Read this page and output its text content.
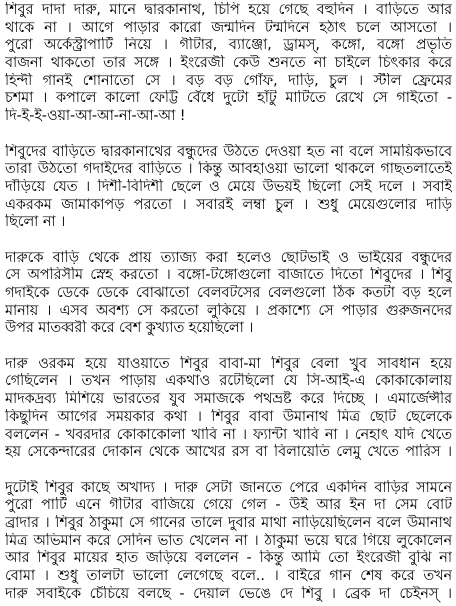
শিবুর দাদা দারু, মানে দ্বারকানাথ, চিপি হয়ে গেছে বহুদিন । বাড়িতে আর
থাকে না । আগে পাড়ার কারো জন্মদিন টন্মদিনে হঠাৎ চলে আসতো ।
পুরো অর্কেস্ট্রাপার্টি নিয়ে । গীটার, ব্যাঞ্জো, ড্রামস্, কঙ্গো, বঙ্গো প্রভৃতি
বাজনা থাকতো তার সঙ্গে । ইংরেজী কেউ শুনতে না চাইলে চিৎকার করে
হিন্দী গানই শোনাতো সে । বড় বড় গোঁফ, দাড়ি, চুল । স্টীল ফ্রেমের
চশমা । কপালে কালো ফেট্টি বেঁধে দুটো হাঁটু মাটিতে রেখে সে গাইতো -
দি-ই-ই-ওয়া-আ-আ-না-আ-আ !
শিবুদের বাড়িতে দ্বারকানাথের বন্ধুদের উঠতে দেওয়া হত না বলে সাময়িকভাবে
তারা উঠতো গদাইদের বাড়িতে । কিন্তু আবহাওয়া ভালো থাকলে গাছতলাতেই
দাঁড়িয়ে যেত । দিশী-বিদিশী ছেলে ও মেয়ে উভয়ই ছিলো সেই দলে । সবাই
একরকম জামাকাপড় পরতো । সবারই লম্বা চুল । শুধু মেয়েগুলোর দাড়ি
ছিলো না ।
দারুকে বাড়ি থেকে প্রায় ত্যাজ্য করা হলেও ছোটভাই ও ভাইয়ের বন্ধুদের
সে অপরিসীম স্নেহ করতো । বঙ্গো-টঙ্গোগুলো বাজাতে দিতো শিবুদের । শিবু
গদাইকে ডেকে ডেকে বোঝাতো বেলবটসের বেলগুলো ঠিক কতটা বড় হলে
মানায় । এসব অবশ্য সে করতো লুকিয়ে । প্রকাশ্যে সে পাড়ার গুরুজনদের
উপর মাতব্বরী করে বেশ কুখ্যাত হয়েছিলো ।
দারু ওরকম হয়ে যাওয়াতে শিবুর বাবা-মা শিবুর বেলা খুব সাবধান হয়ে
গেছিলেন । তখন পাড়ায় একথাও রটেছিলো যে সি-আই-এ কোকাকোলায়
মাদকদ্রব্য মিশিয়ে ভারতের যুব সমাজকে পথভ্রষ্ট করে দিচ্ছে । এমার্জেন্সীর
কিছুদিন আগের সময়কার কথা । শিবুর বাবা উমানাথ মিত্র ছোট ছেলেকে
বললেন - খবরদার কোকাকোলা খাবি না । ফ্যান্টা খাবি না । নেহাৎ যদি খেতে
হয় সেকেন্দারের দোকান থেকে আখের রস বা বিলায়েতি লেমু খেতে পারিস ।
দুটোই শিবুর কাছে অখাদ্য । দারু সেটা জানতে পেরে একদিন বাড়ির সামনে
পুরো পার্টি এনে গীটার বাজিয়ে গেয়ে গেল - উই আর ইন দা সেম বোট
ব্রাদার । শিবুর ঠাকুমা সে গানের তালে দুবার মাথা নাড়িয়েছিলেন বলে উমানাথ
মিত্র অভিমান করে সেদিন ভাত খেলেন না । ঠাকুমা ভয়ে ঘরে গিয়ে লুকোলেন
আর শিবুর মায়ের হাত জড়িয়ে বললেন - কিন্তু আমি তো ইংরেজী বুঝি না
বোমা । শুধু তালটা ভালো লেগেছে বলে.. । বাইরে গান শেষ করে তখন
দারু সবাইকে চেঁচিয়ে বলছে - দেয়াল ভেঙে দে শিবু । ব্রেক দা চেইনস্ ।
